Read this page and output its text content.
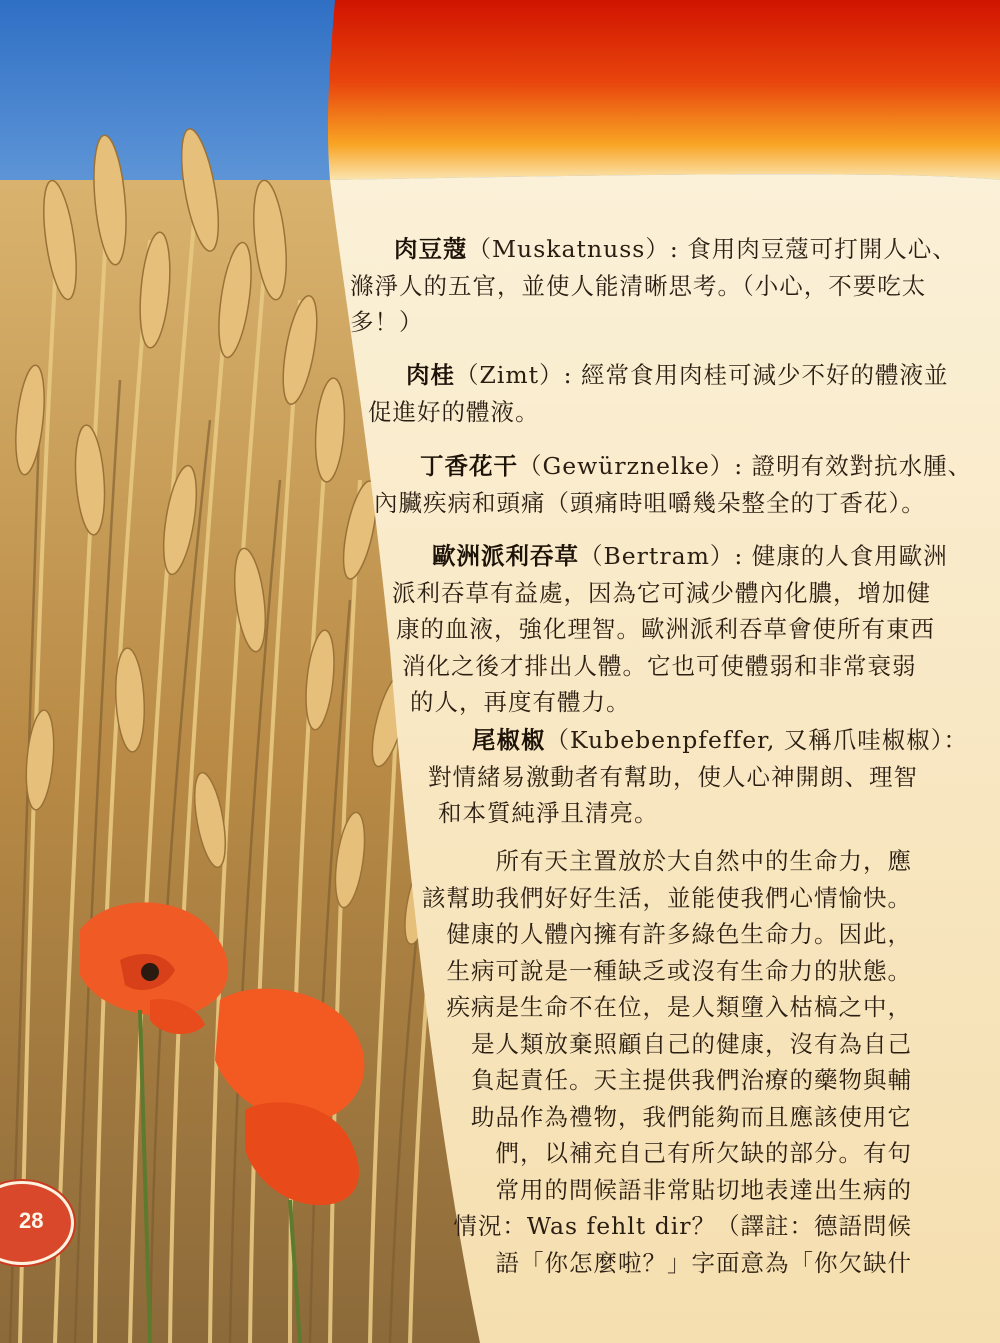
肉豆蔻（Muskatnuss）: 食用肉豆蔻可打開人心、
滌淨人的五官，並使人能清晰思考。（小心，不要吃太
多！）
肉桂（Zimt）: 經常食用肉桂可減少不好的體液並
促進好的體液。
丁香花干（Gewürznelke）: 證明有效對抗水腫、
內臟疾病和頭痛（頭痛時咀嚼幾朵整全的丁香花）。
歐洲派利吞草（Bertram）: 健康的人食用歐洲
派利吞草有益處，因為它可減少體內化膿，增加健
康的血液，強化理智。歐洲派利吞草會使所有東西
消化之後才排出人體。它也可使體弱和非常衰弱
的人，再度有體力。
尾椒椒（Kubebenpfeffer, 又稱爪哇椒椒）：
對情緒易激動者有幫助，使人心神開朗、理智
和本質純淨且清亮。
所有天主置放於大自然中的生命力，應
該幫助我們好好生活，並能使我們心情愉快。
健康的人體內擁有許多綠色生命力。因此，
生病可說是一種缺乏或沒有生命力的狀態。
疾病是生命不在位，是人類墮入枯槁之中，
是人類放棄照顧自己的健康，沒有為自己
負起責任。天主提供我們治療的藥物與輔
助品作為禮物，我們能夠而且應該使用它
們，以補充自己有所欠缺的部分。有句
常用的問候語非常貼切地表達出生病的
情況：Was fehlt dir？（譯註：德語問候
語「你怎麼啦？」字面意為「你欠缺什
28
